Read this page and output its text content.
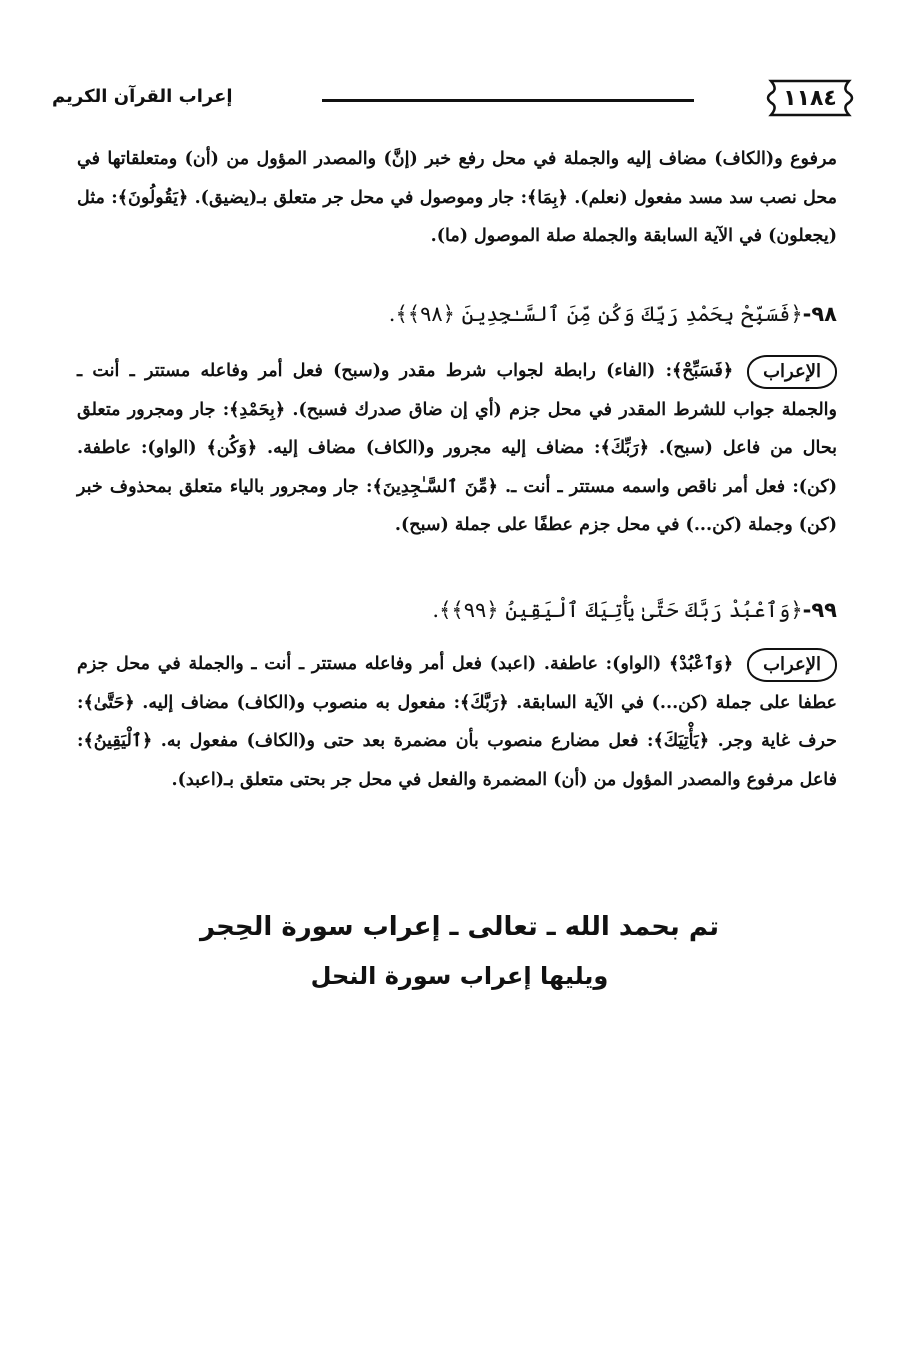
١١٨٤
إعراب القرآن الكريم
مرفوع و(الكاف) مضاف إليه والجملة في محل رفع خبر (إنَّ) والمصدر المؤول من (أن) ومتعلقاتها في محل نصب سد مسد مفعول (نعلم). ﴿بِمَا﴾: جار وموصول في محل جر متعلق بـ(يضيق). ﴿يَقُولُونَ﴾: مثل (يجعلون) في الآية السابقة والجملة صلة الموصول (ما).
٩٨-﴿فَسَبِّحْ بِحَمْدِ رَبِّكَ وَكُن مِّنَ ٱلسَّـٰجِدِينَ ﴿٩٨﴾﴾.
الإعراب
﴿فَسَبِّحْ﴾: (الفاء) رابطة لجواب شرط مقدر و(سبح) فعل أمر وفاعله مستتر ـ أنت ـ والجملة جواب للشرط المقدر في محل جزم (أي إن ضاق صدرك فسبح). ﴿بِحَمْدِ﴾: جار ومجرور متعلق بحال من فاعل (سبح). ﴿رَبِّكَ﴾: مضاف إليه مجرور و(الكاف) مضاف إليه. ﴿وَكُن﴾ (الواو): عاطفة. (كن): فعل أمر ناقص واسمه مستتر ـ أنت ـ. ﴿مِّنَ ٱلسَّـٰجِدِينَ﴾: جار ومجرور بالياء متعلق بمحذوف خبر (كن) وجملة (كن...) في محل جزم عطفًا على جملة (سبح).
٩٩-﴿وَٱعْبُدْ رَبَّكَ حَتَّىٰ يَأْتِيَكَ ٱلْيَقِينُ ﴿٩٩﴾﴾.
الإعراب
﴿وَٱعْبُدْ﴾ (الواو): عاطفة. (اعبد) فعل أمر وفاعله مستتر ـ أنت ـ والجملة في محل جزم عطفا على جملة (كن...) في الآية السابقة. ﴿رَبَّكَ﴾: مفعول به منصوب و(الكاف) مضاف إليه. ﴿حَتَّىٰ﴾: حرف غاية وجر. ﴿يَأْتِيَكَ﴾: فعل مضارع منصوب بأن مضمرة بعد حتى و(الكاف) مفعول به. ﴿ٱلْيَقِينُ﴾: فاعل مرفوع والمصدر المؤول من (أن) المضمرة والفعل في محل جر بحتى متعلق بـ(اعبد).
تم بحمد الله ـ تعالى ـ إعراب سورة الحِجر
ويليها إعراب سورة النحل
